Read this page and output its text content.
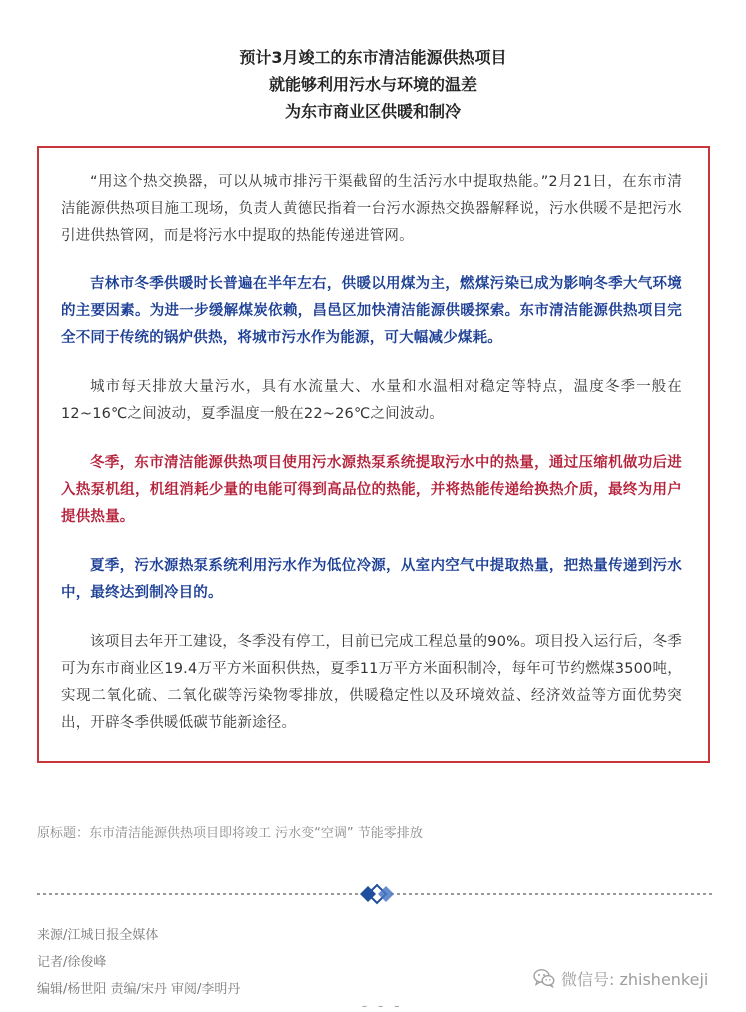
预计3月竣工的东市清洁能源供热项目
就能够利用污水与环境的温差
为东市商业区供暖和制冷

“用这个热交换器，可以从城市排污干渠截留的生活污水中提取热能。”2月21日，在东市清洁能源供热项目施工现场，负责人黄德民指着一台污水源热交换器解释说，污水供暖不是把污水引进供热管网，而是将污水中提取的热能传递进管网。

吉林市冬季供暖时长普遍在半年左右，供暖以用煤为主，燃煤污染已成为影响冬季大气环境的主要因素。为进一步缓解煤炭依赖，昌邑区加快清洁能源供暖探索。东市清洁能源供热项目完全不同于传统的锅炉供热，将城市污水作为能源，可大幅减少煤耗。

城市每天排放大量污水，具有水流量大、水量和水温相对稳定等特点，温度冬季一般在12~16℃之间波动，夏季温度一般在22~26℃之间波动。

冬季，东市清洁能源供热项目使用污水源热泵系统提取污水中的热量，通过压缩机做功后进入热泵机组，机组消耗少量的电能可得到高品位的热能，并将热能传递给换热介质，最终为用户提供热量。

夏季，污水源热泵系统利用污水作为低位冷源，从室内空气中提取热量，把热量传递到污水中，最终达到制冷目的。

该项目去年开工建设，冬季没有停工，目前已完成工程总量的90%。项目投入运行后，冬季可为东市商业区19.4万平方米面积供热，夏季11万平方米面积制冷，每年可节约燃煤3500吨，实现二氧化硫、二氧化碳等污染物零排放，供暖稳定性以及环境效益、经济效益等方面优势突出，开辟冬季供暖低碳节能新途径。

原标题：东市清洁能源供热项目即将竣工 污水变“空调” 节能零排放
来源/江城日报全媒体
记者/徐俊峰
编辑/杨世阳 责编/宋丹 审阅/李明丹
微信号: zhishenkeji
– – –
